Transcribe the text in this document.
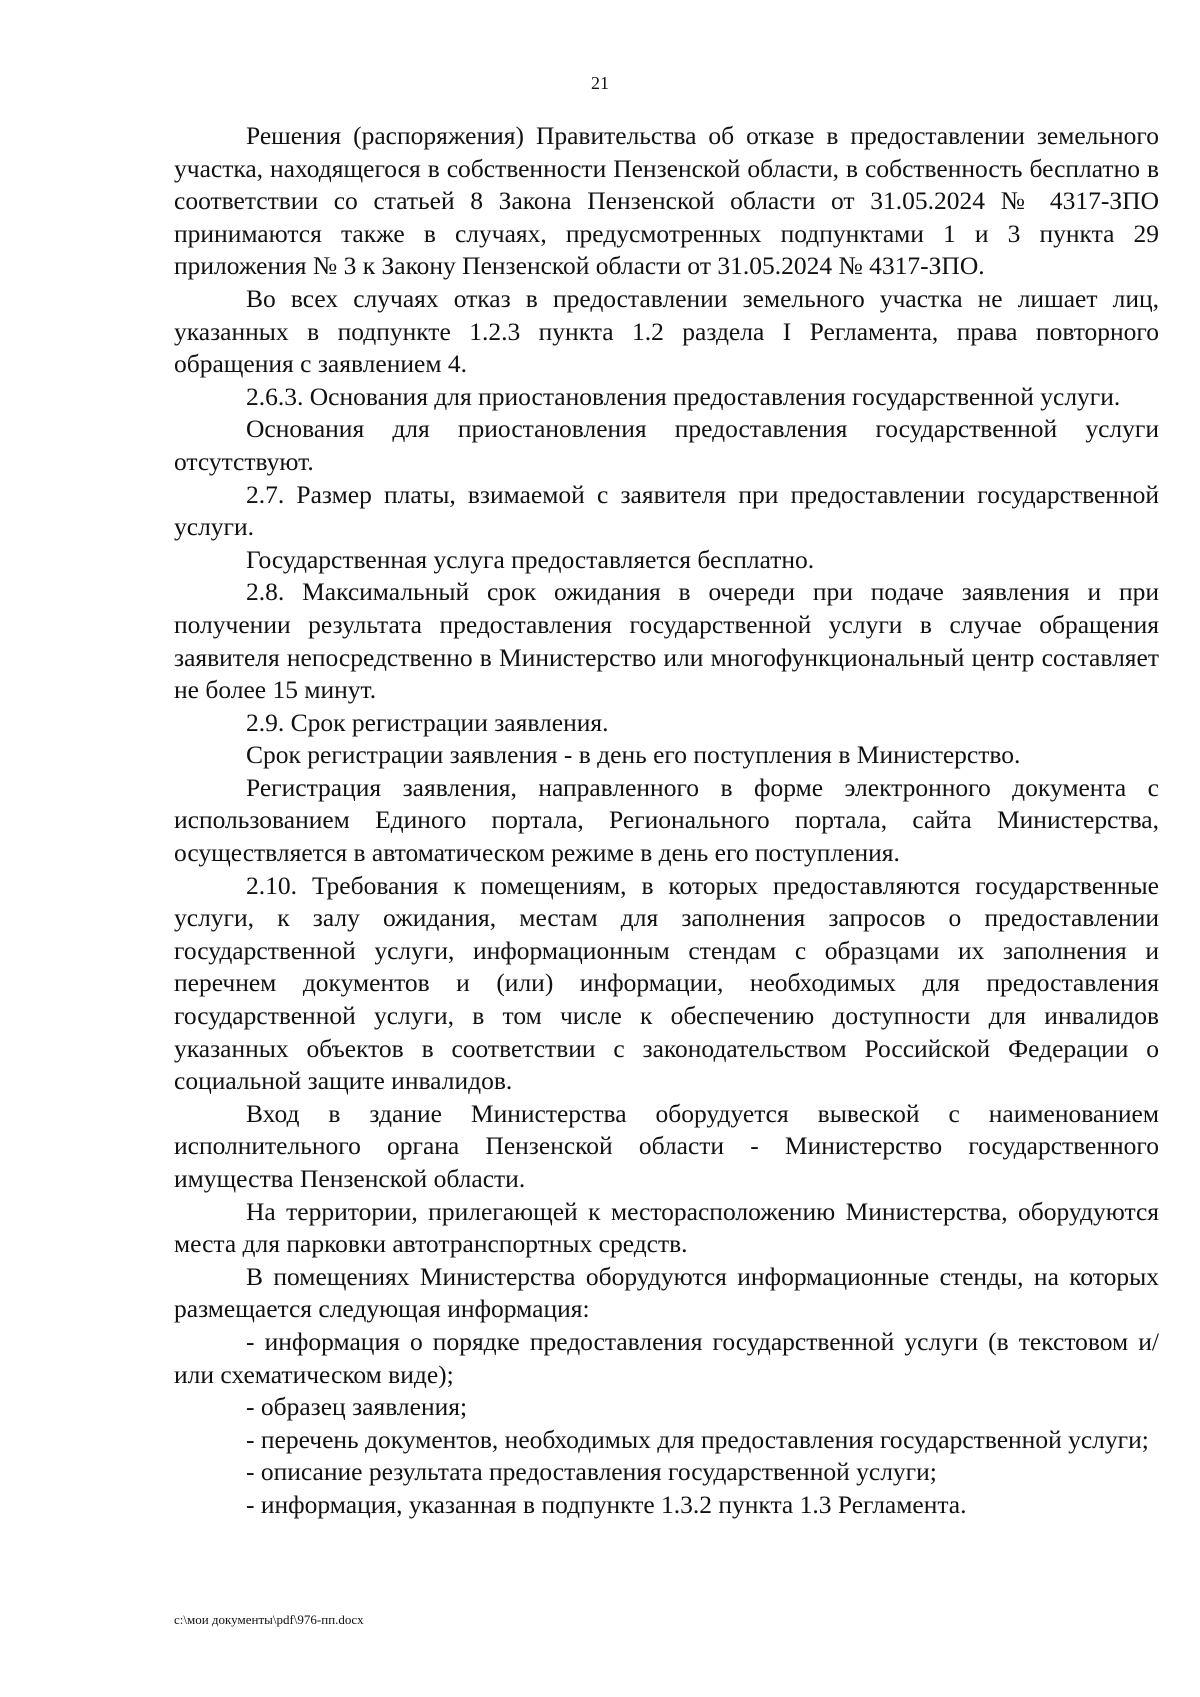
21

Решения (распоряжения) Правительства об отказе в предоставлении земельного участка, находящегося в собственности Пензенской области, в собственность бесплатно в соответствии со статьей 8 Закона Пензенской области от 31.05.2024 № 4317-ЗПО принимаются также в случаях, предусмотренных подпунктами 1 и 3 пункта 29 приложения № 3 к Закону Пензенской области от 31.05.2024 № 4317-ЗПО.

Во всех случаях отказ в предоставлении земельного участка не лишает лиц, указанных в подпункте 1.2.3 пункта 1.2 раздела I Регламента, права повторного обращения с заявлением 4.

2.6.3. Основания для приостановления предоставления государственной услуги.

Основания для приостановления предоставления государственной услуги отсутствуют.

2.7. Размер платы, взимаемой с заявителя при предоставлении государственной услуги.

Государственная услуга предоставляется бесплатно.

2.8. Максимальный срок ожидания в очереди при подаче заявления и при получении результата предоставления государственной услуги в случае обращения заявителя непосредственно в Министерство или многофункциональный центр составляет не более 15 минут.

2.9. Срок регистрации заявления.

Срок регистрации заявления - в день его поступления в Министерство.

Регистрация заявления, направленного в форме электронного документа с использованием Единого портала, Регионального портала, сайта Министерства, осуществляется в автоматическом режиме в день его поступления.

2.10. Требования к помещениям, в которых предоставляются государственные услуги, к залу ожидания, местам для заполнения запросов о предоставлении государственной услуги, информационным стендам с образцами их заполнения и перечнем документов и (или) информации, необходимых для предоставления государственной услуги, в том числе к обеспечению доступности для инвалидов указанных объектов в соответствии с законодательством Российской Федерации о социальной защите инвалидов.

Вход в здание Министерства оборудуется вывеской с наименованием исполнительного органа Пензенской области - Министерство государственного имущества Пензенской области.

На территории, прилегающей к месторасположению Министерства, оборудуются места для парковки автотранспортных средств.

В помещениях Министерства оборудуются информационные стенды, на которых размещается следующая информация:

- информация о порядке предоставления государственной услуги (в текстовом и/или схематическом виде);

- образец заявления;

- перечень документов, необходимых для предоставления государственной услуги;

- описание результата предоставления государственной услуги;

- информация, указанная в подпункте 1.3.2 пункта 1.3 Регламента.

c:\мои документы\pdf\976-пп.docx
